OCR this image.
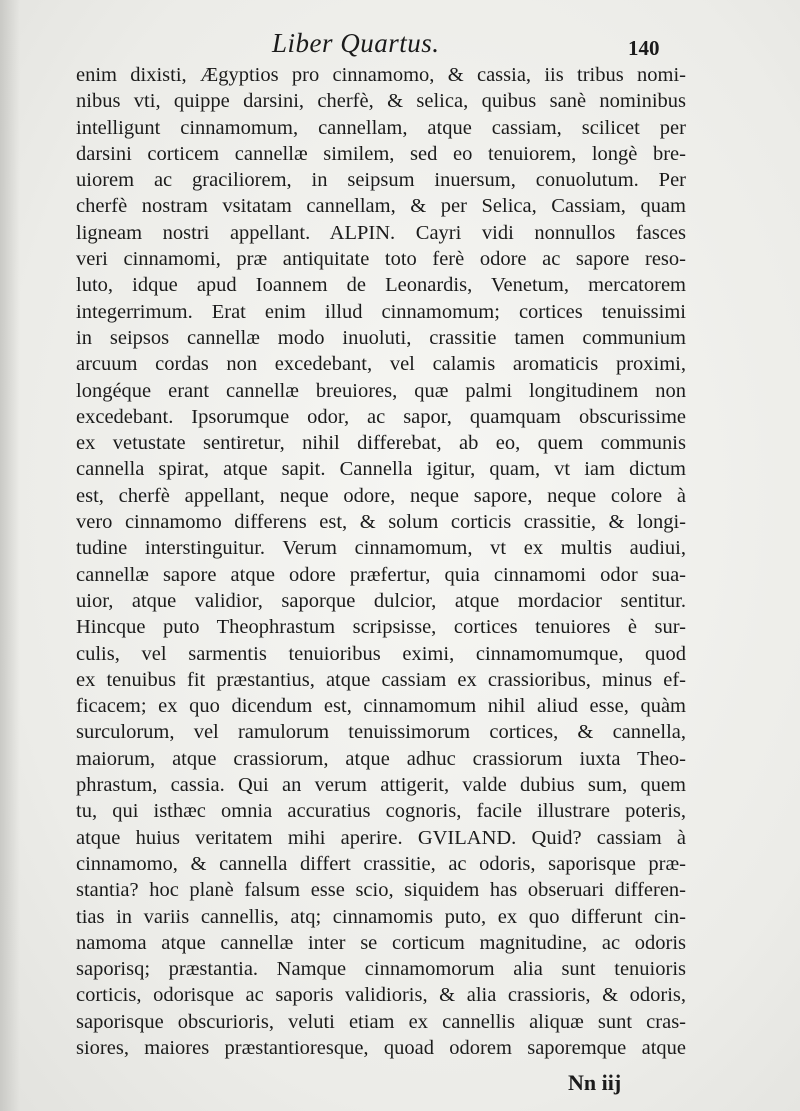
Liber Quartus.	140
enim dixisti, Ægyptios pro cinnamomo, & cassia, iis tribus nomi-
nibus vti, quippe darsini, cherfè, & selica, quibus sanè nominibus
intelligunt cinnamomum, cannellam, atque cassiam, scilicet per
darsini corticem cannellæ similem, sed eo tenuiorem, longè bre-
uiorem ac graciliorem, in seipsum inuersum, conuolutum. Per
cherfè nostram vsitatam cannellam, & per Selica, Cassiam, quam
ligneam nostri appellant. ALPIN. Cayri vidi nonnullos fasces
veri cinnamomi, præ antiquitate toto ferè odore ac sapore reso-
luto, idque apud Ioannem de Leonardis, Venetum, mercatorem
integerrimum. Erat enim illud cinnamomum; cortices tenuissimi
in seipsos cannellæ modo inuoluti, crassitie tamen communium
arcuum cordas non excedebant, vel calamis aromaticis proximi,
longéque erant cannellæ breuiores, quæ palmi longitudinem non
excedebant. Ipsorumque odor, ac sapor, quamquam obscurissime
ex vetustate sentiretur, nihil differebat, ab eo, quem communis
cannella spirat, atque sapit. Cannella igitur, quam, vt iam dictum
est, cherfè appellant, neque odore, neque sapore, neque colore à
vero cinnamomo differens est, & solum corticis crassitie, & longi-
tudine interstinguitur. Verum cinnamomum, vt ex multis audiui,
cannellæ sapore atque odore præfertur, quia cinnamomi odor sua-
uior, atque validior, saporque dulcior, atque mordacior sentitur.
Hincque puto Theophrastum scripsisse, cortices tenuiores è sur-
culis, vel sarmentis tenuioribus eximi, cinnamomumque, quod
ex tenuibus fit præstantius, atque cassiam ex crassioribus, minus ef-
ficacem; ex quo dicendum est, cinnamomum nihil aliud esse, quàm
surculorum, vel ramulorum tenuissimorum cortices, & cannella,
maiorum, atque crassiorum, atque adhuc crassiorum iuxta Theo-
phrastum, cassia. Qui an verum attigerit, valde dubius sum, quem
tu, qui isthæc omnia accuratius cognoris, facile illustrare poteris,
atque huius veritatem mihi aperire. GVILAND. Quid? cassiam à
cinnamomo, & cannella differt crassitie, ac odoris, saporisque præ-
stantia? hoc planè falsum esse scio, siquidem has obseruari differen-
tias in variis cannellis, atq; cinnamomis puto, ex quo differunt cin-
namoma atque cannellæ inter se corticum magnitudine, ac odoris
saporisq; præstantia. Namque cinnamomorum alia sunt tenuioris
corticis, odorisque ac saporis validioris, & alia crassioris, & odoris,
saporisque obscurioris, veluti etiam ex cannellis aliquæ sunt cras-
siores, maiores præstantioresque, quoad odorem saporemque atque
Nn iij
